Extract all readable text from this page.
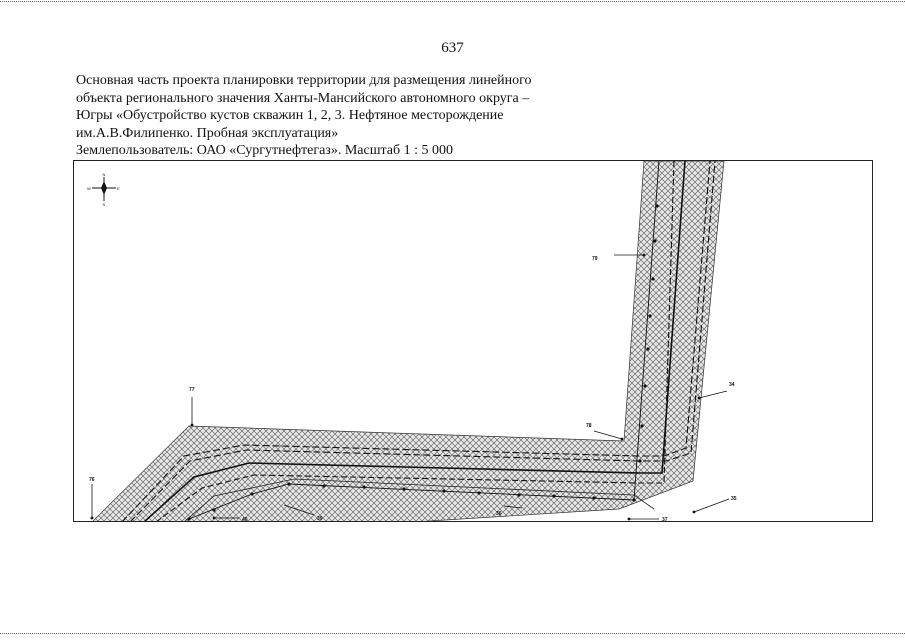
637
Основная часть проекта планировки территории для размещения линейного
объекта регионального значения Ханты-Мансийского автономного округа –
Югры «Обустройство кустов скважин 1, 2, 3. Нефтяное месторождение
им.А.В.Филипенко. Пробная эксплуатация»
Землепользователь: ОАО «Сургутнефтегаз». Масштаб 1 : 5 000
N
S
W	E
79
78
77
76
34
35
36
37
39
40
